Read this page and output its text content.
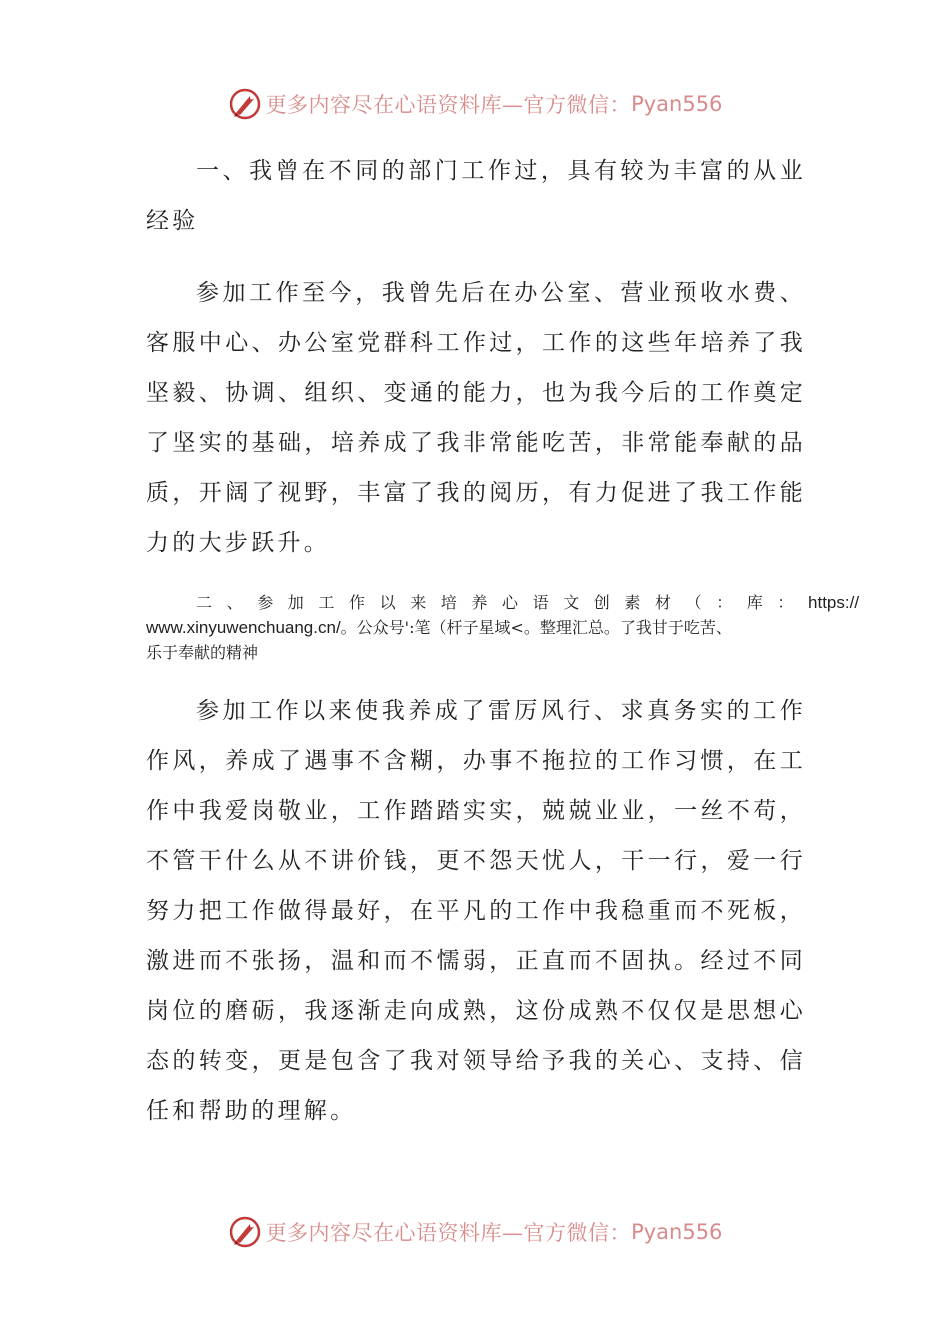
更多内容尽在心语资料库—官方微信： Pyan556

一、我曾在不同的部门工作过，具有较为丰富的从业经验

参加工作至今，我曾先后在办公室、营业预收水费、客服中心、办公室党群科工作过，工作的这些年培养了我坚毅、协调、组织、变通的能力，也为我今后的工作奠定了坚实的基础，培养成了我非常能吃苦，非常能奉献的品质，开阔了视野，丰富了我的阅历，有力促进了我工作能力的大步跃升。

二、参加工作以来培养心语文创素材（：库： https://

www.xinyuwenchuang.cn/。公众号':笔（杆子星域<。整理汇总。了我甘于吃苦、

乐于奉献的精神

参加工作以来使我养成了雷厉风行、求真务实的工作作风，养成了遇事不含糊，办事不拖拉的工作习惯，在工作中我爱岗敬业，工作踏踏实实，兢兢业业，一丝不苟，不管干什么从不讲价钱，更不怨天忧人，干一行，爱一行努力把工作做得最好，在平凡的工作中我稳重而不死板，激进而不张扬，温和而不懦弱，正直而不固执。经过不同岗位的磨砺，我逐渐走向成熟，这份成熟不仅仅是思想心态的转变，更是包含了我对领导给予我的关心、支持、信任和帮助的理解。

更多内容尽在心语资料库—官方微信： Pyan556
